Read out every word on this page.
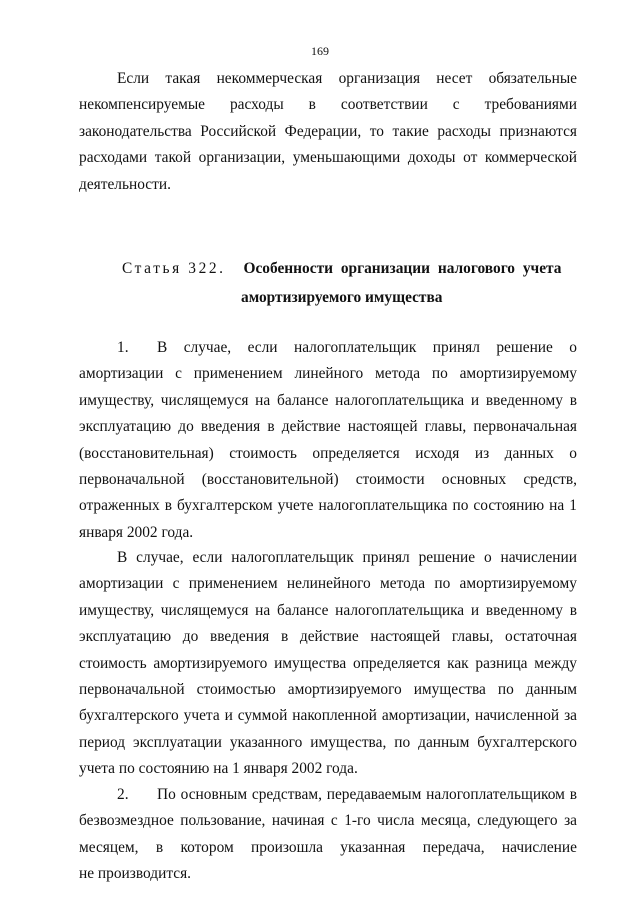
169
Если такая некоммерческая организация несет обязательные
некомпенсируемые расходы в соответствии с требованиями
законодательства Российской Федерации, то такие расходы признаются
расходами такой организации, уменьшающими доходы от коммерческой
деятельности.
Статья 322. Особенности организации налогового учета
амортизируемого имущества
1. В случае, если налогоплательщик принял решение о
амортизации с применением линейного метода по амортизируемому
имуществу, числящемуся на балансе налогоплательщика и введенному в
эксплуатацию до введения в действие настоящей главы, первоначальная
(восстановительная) стоимость определяется исходя из данных о
первоначальной (восстановительной) стоимости основных средств,
отраженных в бухгалтерском учете налогоплательщика по состоянию на 1
января 2002 года.
В случае, если налогоплательщик принял решение о начислении
амортизации с применением нелинейного метода по амортизируемому
имуществу, числящемуся на балансе налогоплательщика и введенному в
эксплуатацию до введения в действие настоящей главы, остаточная
стоимость амортизируемого имущества определяется как разница между
первоначальной стоимостью амортизируемого имущества по данным
бухгалтерского учета и суммой накопленной амортизации, начисленной за
период эксплуатации указанного имущества, по данным бухгалтерского
учета по состоянию на 1 января 2002 года.
2. По основным средствам, передаваемым налогоплательщиком в
безвозмездное пользование, начиная с 1-го числа месяца, следующего за
месяцем, в котором произошла указанная передача, начисление
не производится.
